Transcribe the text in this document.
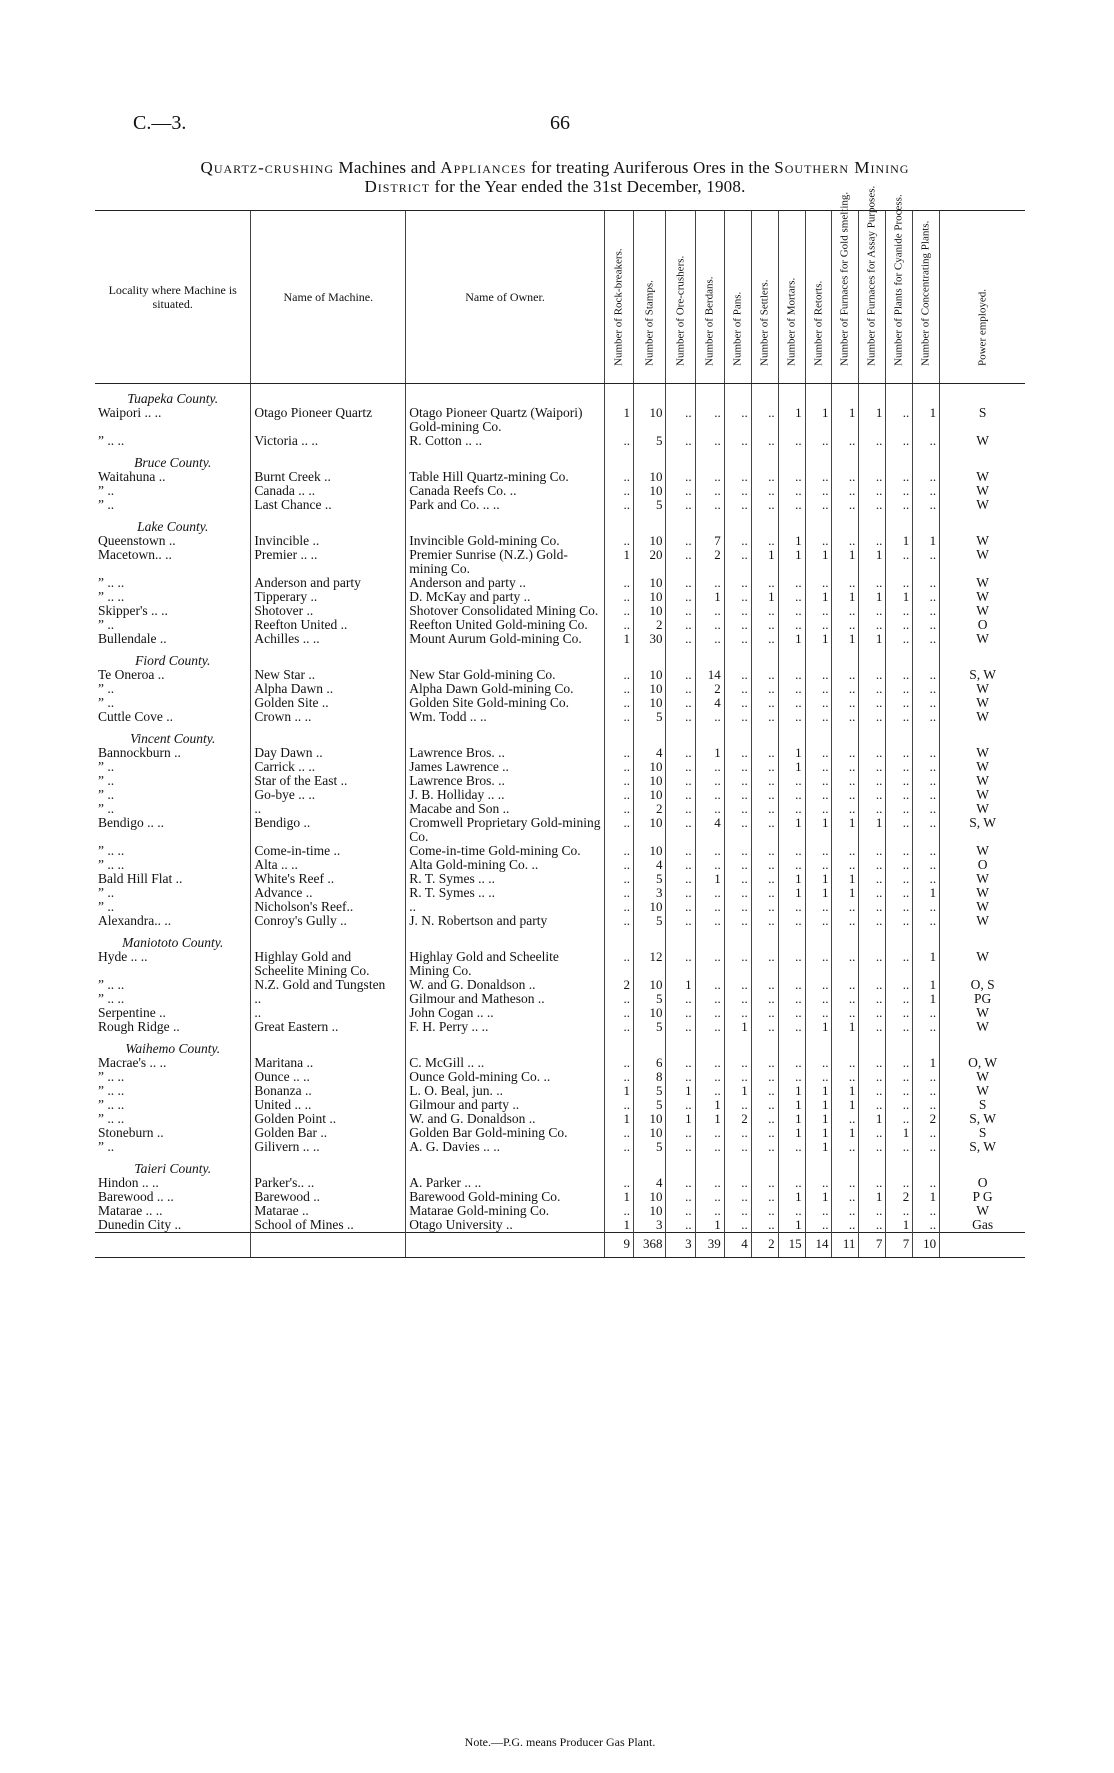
C.—3.	66
Quartz-crushing Machines and Appliances for treating Auriferous Ores in the Southern Mining
District for the Year ended the 31st December, 1908.
Locality where Machine is situated.	Name of Machine.	Name of Owner.	Number of Rock-breakers.	Number of Stamps.	Number of Ore-crushers.	Number of Berdans.	Number of Pans.	Number of Settlers.	Number of Mortars.	Number of Retorts.	Number of Furnaces for Gold smelting.	Number of Furnaces for Assay Purposes.	Number of Plants for Cyanide Process.	Number of Concentrating Plants.	Power employed.

Tuapeka County.															
Waipori .. ..	Otago Pioneer Quartz	Otago Pioneer Quartz (Waipori) Gold-mining Co.	1	10	..	..	..	..	1	1	1	1	..	1	S
” .. ..	Victoria .. ..	R. Cotton .. ..	..	5	..	..	..	..	..	..	..	..	..	..	W
Bruce County.															
Waitahuna ..	Burnt Creek ..	Table Hill Quartz-mining Co.	..	10	..	..	..	..	..	..	..	..	..	..	W
” ..	Canada .. ..	Canada Reefs Co. ..	..	10	..	..	..	..	..	..	..	..	..	..	W
” ..	Last Chance ..	Park and Co. .. ..	..	5	..	..	..	..	..	..	..	..	..	..	W
Lake County.															
Queenstown ..	Invincible ..	Invincible Gold-mining Co.	..	10	..	7	..	..	1	..	..	..	1	1	W
Macetown.. ..	Premier .. ..	Premier Sunrise (N.Z.) Gold-mining Co.	1	20	..	2	..	1	1	1	1	1	..	..	W
” .. ..	Anderson and party	Anderson and party ..	..	10	..	..	..	..	..	..	..	..	..	..	W
” .. ..	Tipperary ..	D. McKay and party ..	..	10	..	1	..	1	..	1	1	1	1	..	W
Skipper's .. ..	Shotover ..	Shotover Consolidated Mining Co.	..	10	..	..	..	..	..	..	..	..	..	..	W
” ..	Reefton United ..	Reefton United Gold-mining Co.	..	2	..	..	..	..	..	..	..	..	..	..	O
Bullendale ..	Achilles .. ..	Mount Aurum Gold-mining Co.	1	30	..	..	..	..	1	1	1	1	..	..	W
Fiord County.															
Te Oneroa ..	New Star ..	New Star Gold-mining Co.	..	10	..	14	..	..	..	..	..	..	..	..	S, W
” ..	Alpha Dawn ..	Alpha Dawn Gold-mining Co.	..	10	..	2	..	..	..	..	..	..	..	..	W
” ..	Golden Site ..	Golden Site Gold-mining Co.	..	10	..	4	..	..	..	..	..	..	..	..	W
Cuttle Cove ..	Crown .. ..	Wm. Todd .. ..	..	5	..	..	..	..	..	..	..	..	..	..	W
Vincent County.															
Bannockburn ..	Day Dawn ..	Lawrence Bros. ..	..	4	..	1	..	..	1	..	..	..	..	..	W
” ..	Carrick .. ..	James Lawrence ..	..	10	..	..	..	..	1	..	..	..	..	..	W
” ..	Star of the East ..	Lawrence Bros. ..	..	10	..	..	..	..	..	..	..	..	..	..	W
” ..	Go-bye .. ..	J. B. Holliday .. ..	..	10	..	..	..	..	..	..	..	..	..	..	W
” ..	..	Macabe and Son ..	..	2	..	..	..	..	..	..	..	..	..	..	W
Bendigo .. ..	Bendigo ..	Cromwell Proprietary Gold-mining Co.	..	10	..	4	..	..	1	1	1	1	..	..	S, W
” .. ..	Come-in-time ..	Come-in-time Gold-mining Co.	..	10	..	..	..	..	..	..	..	..	..	..	W
” .. ..	Alta .. ..	Alta Gold-mining Co. ..	..	4	..	..	..	..	..	..	..	..	..	..	O
Bald Hill Flat ..	White's Reef ..	R. T. Symes .. ..	..	5	..	1	..	..	1	1	1	..	..	..	W
” ..	Advance ..	R. T. Symes .. ..	..	3	..	..	..	..	1	1	1	..	..	1	W
” ..	Nicholson's Reef..	..	..	10	..	..	..	..	..	..	..	..	..	..	W
Alexandra.. ..	Conroy's Gully ..	J. N. Robertson and party	..	5	..	..	..	..	..	..	..	..	..	..	W
Maniototo County.															
Hyde .. ..	Highlay Gold and Scheelite Mining Co.	Highlay Gold and Scheelite Mining Co.	..	12	..	..	..	..	..	..	..	..	..	1	W
” .. ..	N.Z. Gold and Tungsten	W. and G. Donaldson ..	2	10	1	..	..	..	..	..	..	..	..	1	O, S
” .. ..	..	Gilmour and Matheson ..	..	5	..	..	..	..	..	..	..	..	..	1	PG
Serpentine ..	..	John Cogan .. ..	..	10	..	..	..	..	..	..	..	..	..	..	W
Rough Ridge ..	Great Eastern ..	F. H. Perry .. ..	..	5	..	..	1	..	..	1	1	..	..	..	W
Waihemo County.															
Macrae's .. ..	Maritana ..	C. McGill .. ..	..	6	..	..	..	..	..	..	..	..	..	1	O, W
” .. ..	Ounce .. ..	Ounce Gold-mining Co. ..	..	8	..	..	..	..	..	..	..	..	..	..	W
” .. ..	Bonanza ..	L. O. Beal, jun. ..	1	5	1	..	1	..	1	1	1	..	..	..	W
” .. ..	United .. ..	Gilmour and party ..	..	5	..	1	..	..	1	1	1	..	..	..	S
” .. ..	Golden Point ..	W. and G. Donaldson ..	1	10	1	1	2	..	1	1	..	1	..	2	S, W
Stoneburn ..	Golden Bar ..	Golden Bar Gold-mining Co.	..	10	..	..	..	..	1	1	1	..	1	..	S
” ..	Gilivern .. ..	A. G. Davies .. ..	..	5	..	..	..	..	..	1	..	..	..	..	S, W
Taieri County.															
Hindon .. ..	Parker's.. ..	A. Parker .. ..	..	4	..	..	..	..	..	..	..	..	..	..	O
Barewood .. ..	Barewood ..	Barewood Gold-mining Co.	1	10	..	..	..	..	1	1	..	1	2	1	P G
Matarae .. ..	Matarae ..	Matarae Gold-mining Co.	..	10	..	..	..	..	..	..	..	..	..	..	W
Dunedin City ..	School of Mines ..	Otago University ..	1	3	..	1	..	..	1	..	..	..	1	..	Gas
			9	368	3	39	4	2	15	14	11	7	7	10	
Note.—P.G. means Producer Gas Plant.
